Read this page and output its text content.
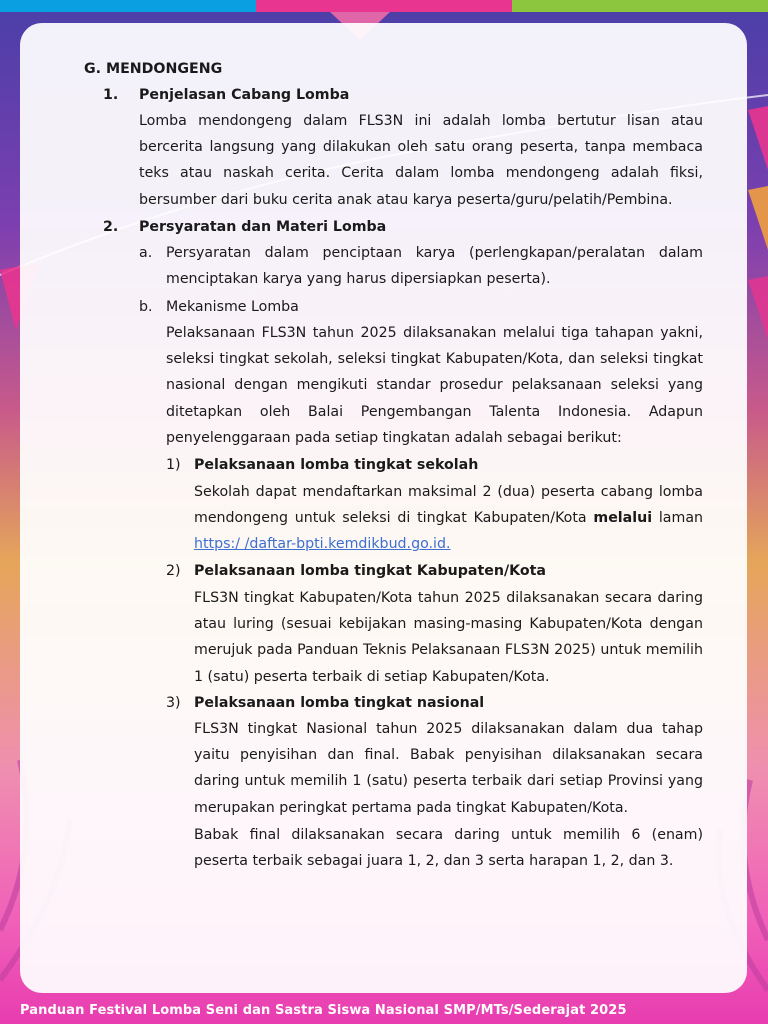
G. MENDONGENG
1. Penjelasan Cabang Lomba
Lomba mendongeng dalam FLS3N ini adalah lomba bertutur lisan atau bercerita langsung yang dilakukan oleh satu orang peserta, tanpa membaca teks atau naskah cerita. Cerita dalam lomba mendongeng adalah fiksi, bersumber dari buku cerita anak atau karya peserta/guru/pelatih/Pembina.
2. Persyaratan dan Materi Lomba
a. Persyaratan dalam penciptaan karya (perlengkapan/peralatan dalam menciptakan karya yang harus dipersiapkan peserta).
b. Mekanisme Lomba
Pelaksanaan FLS3N tahun 2025 dilaksanakan melalui tiga tahapan yakni, seleksi tingkat sekolah, seleksi tingkat Kabupaten/Kota, dan seleksi tingkat nasional dengan mengikuti standar prosedur pelaksanaan seleksi yang ditetapkan oleh Balai Pengembangan Talenta Indonesia. Adapun penyelenggaraan pada setiap tingkatan adalah sebagai berikut:
1) Pelaksanaan lomba tingkat sekolah
Sekolah dapat mendaftarkan maksimal 2 (dua) peserta cabang lomba mendongeng untuk seleksi di tingkat Kabupaten/Kota melalui laman https:/ /daftar-bpti.kemdikbud.go.id.
2) Pelaksanaan lomba tingkat Kabupaten/Kota
FLS3N tingkat Kabupaten/Kota tahun 2025 dilaksanakan secara daring atau luring (sesuai kebijakan masing-masing Kabupaten/Kota dengan merujuk pada Panduan Teknis Pelaksanaan FLS3N 2025) untuk memilih 1 (satu) peserta terbaik di setiap Kabupaten/Kota.
3) Pelaksanaan lomba tingkat nasional
FLS3N tingkat Nasional tahun 2025 dilaksanakan dalam dua tahap yaitu penyisihan dan final. Babak penyisihan dilaksanakan secara daring untuk memilih 1 (satu) peserta terbaik dari setiap Provinsi yang merupakan peringkat pertama pada tingkat Kabupaten/Kota.
Babak final dilaksanakan secara daring untuk memilih 6 (enam) peserta terbaik sebagai juara 1, 2, dan 3 serta harapan 1, 2, dan 3.
Panduan Festival Lomba Seni dan Sastra Siswa Nasional SMP/MTs/Sederajat 2025
